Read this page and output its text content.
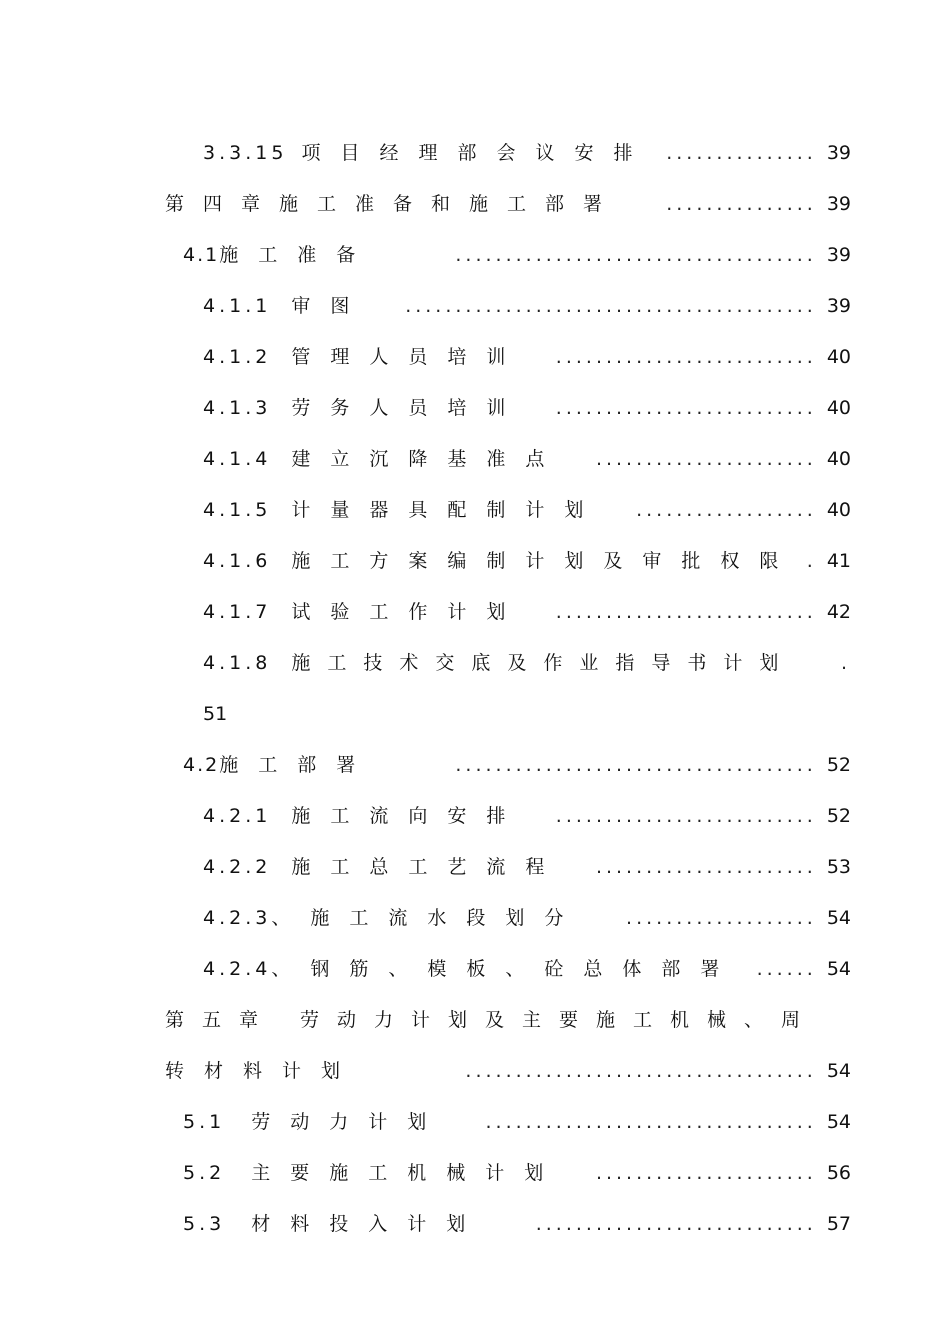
3.3.15 项目经理部会议安排 ............... 39
第四章施工准备和施工部署	............... 39
4.1 施工准备	.................................... 39
4.1.1 审图	......................................... 39
4.1.2 管理人员培训	.......................... 40
4.1.3 劳务人员培训	.......................... 40
4.1.4 建立沉降基准点	...................... 40
4.1.5 计量器具配制计划	.................. 40
4.1.6 施工方案编制计划及审批权限 . 41
4.1.7 试验工作计划	.......................... 42
4.1.8 施工技术交底及作业指导书计划	.
51
4.2 施工部署	.................................... 52
4.2.1 施工流向安排	.......................... 52
4.2.2 施工总工艺流程	...................... 53
4.2.3、 施工流水段划分	................... 54
4.2.4、 钢筋、模板、砼总体部署 ...... 54
第五章 劳动力计划及主要施工机械、周
转材料计划	................................... 54
5.1 劳动力计划	................................. 54
5.2 主要施工机械计划	...................... 56
5.3 材料投入计划	............................ 57
